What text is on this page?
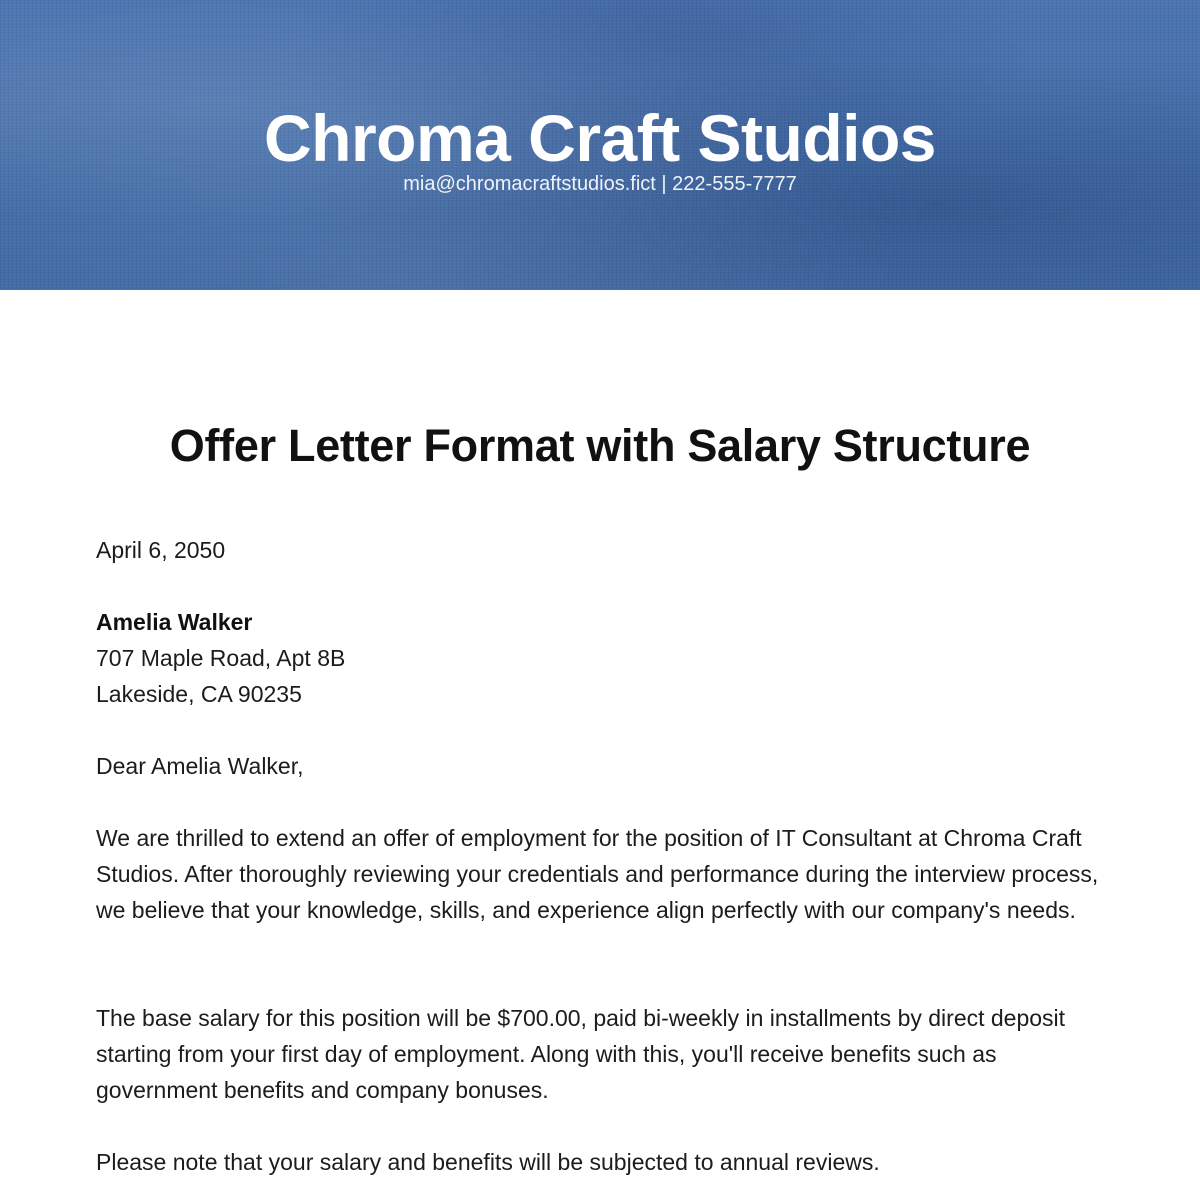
Chroma Craft Studios
mia@chromacraftstudios.fict | 222-555-7777
Offer Letter Format with Salary Structure

April 6, 2050

Amelia Walker
707 Maple Road, Apt 8B
Lakeside, CA 90235

Dear Amelia Walker,

We are thrilled to extend an offer of employment for the position of IT Consultant at Chroma Craft Studios. After thoroughly reviewing your credentials and performance during the interview process, we believe that your knowledge, skills, and experience align perfectly with our company's needs.

The base salary for this position will be $700.00, paid bi-weekly in installments by direct deposit starting from your first day of employment. Along with this, you'll receive benefits such as government benefits and company bonuses.

Please note that your salary and benefits will be subjected to annual reviews.
